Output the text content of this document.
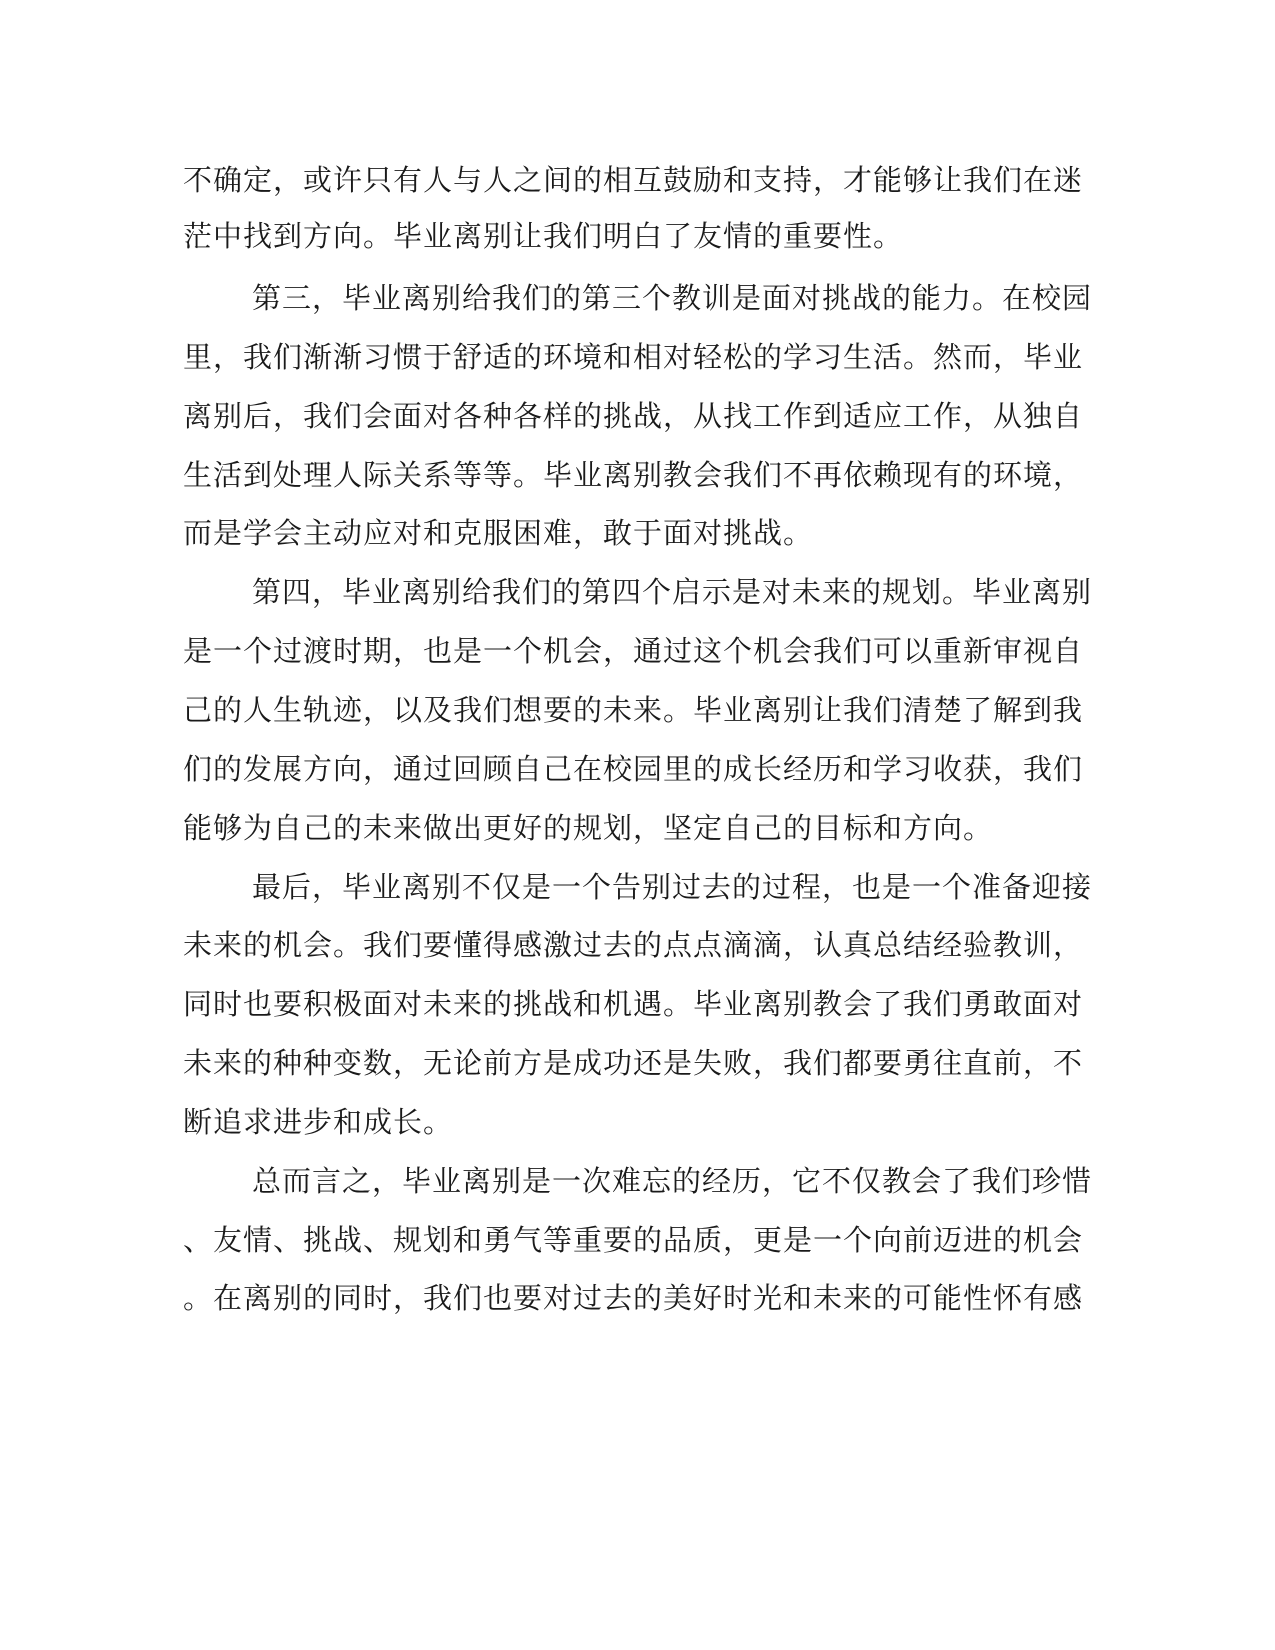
不确定，或许只有人与人之间的相互鼓励和支持，才能够让我们在迷
茫中找到方向。毕业离别让我们明白了友情的重要性。
第三，毕业离别给我们的第三个教训是面对挑战的能力。在校园
里，我们渐渐习惯于舒适的环境和相对轻松的学习生活。然而，毕业
离别后，我们会面对各种各样的挑战，从找工作到适应工作，从独自
生活到处理人际关系等等。毕业离别教会我们不再依赖现有的环境，
而是学会主动应对和克服困难，敢于面对挑战。
第四，毕业离别给我们的第四个启示是对未来的规划。毕业离别
是一个过渡时期，也是一个机会，通过这个机会我们可以重新审视自
己的人生轨迹，以及我们想要的未来。毕业离别让我们清楚了解到我
们的发展方向，通过回顾自己在校园里的成长经历和学习收获，我们
能够为自己的未来做出更好的规划，坚定自己的目标和方向。
最后，毕业离别不仅是一个告别过去的过程，也是一个准备迎接
未来的机会。我们要懂得感激过去的点点滴滴，认真总结经验教训，
同时也要积极面对未来的挑战和机遇。毕业离别教会了我们勇敢面对
未来的种种变数，无论前方是成功还是失败，我们都要勇往直前，不
断追求进步和成长。
总而言之，毕业离别是一次难忘的经历，它不仅教会了我们珍惜
、友情、挑战、规划和勇气等重要的品质，更是一个向前迈进的机会
。在离别的同时，我们也要对过去的美好时光和未来的可能性怀有感
